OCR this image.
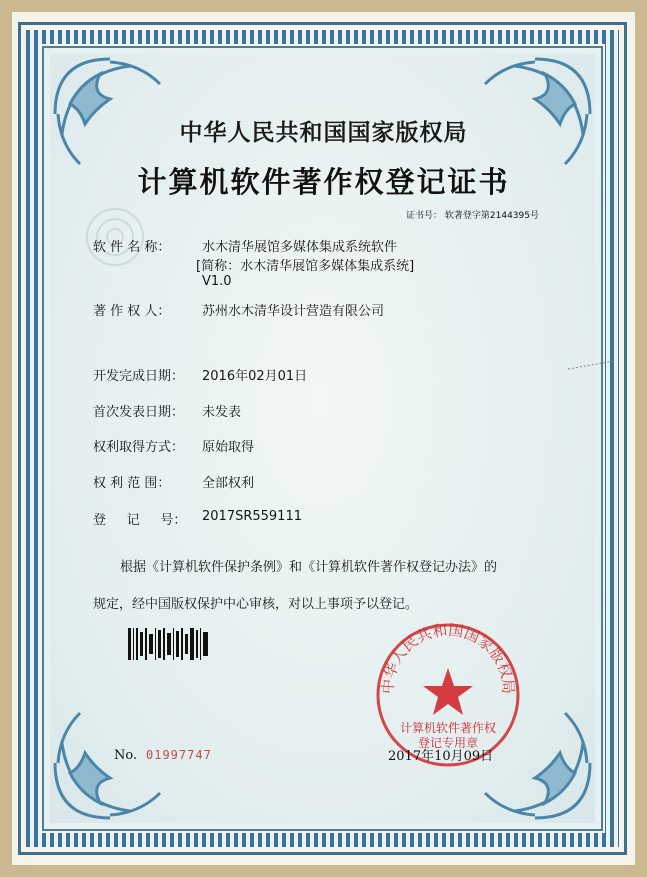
中华人民共和国国家版权局
计算机软件著作权登记证书
证书号： 软著登字第2144395号
软 件 名 称： 水木清华展馆多媒体集成系统软件
[简称：水木清华展馆多媒体集成系统]
V1.0
著 作 权 人： 苏州水木清华设计营造有限公司
开发完成日期： 2016年02月01日
首次发表日期： 未发表
权利取得方式： 原始取得
权 利 范 围： 全部权利
登     记     号： 2017SR559111
根据《计算机软件保护条例》和《计算机软件著作权登记办法》的
规定，经中国版权保护中心审核，对以上事项予以登记。
中华人民共和国国家版权局
计算机软件著作权
登记专用章
No. 01997747	2017年10月09日
